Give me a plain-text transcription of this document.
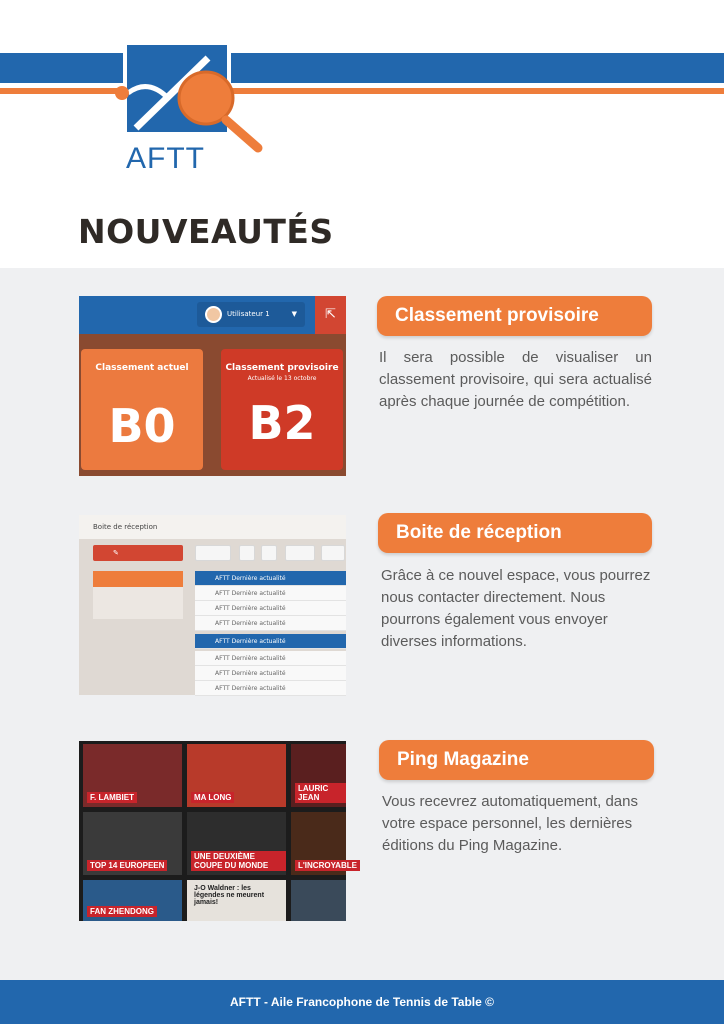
AFTT
NOUVEAUTÉS
Utilisateur 1	▼	⇱
Classement actuel
B0
Classement provisoire
Actualisé le 13 octobre
B2
Classement provisoire
Il sera possible de visualiser un classement provisoire, qui sera actualisé après chaque journée de compétition.
Boite de réception
✎
AFTT Dernière actualité
AFTT Dernière actualité
AFTT Dernière actualité
AFTT Dernière actualité
AFTT Dernière actualité
AFTT Dernière actualité
AFTT Dernière actualité
AFTT Dernière actualité
Boite de réception
Grâce à ce nouvel espace, vous pourrez nous contacter directement. Nous pourrons également vous envoyer diverses informations.
F. LAMBIET	MA LONG
LAURIC JEAN
TOP 14 EUROPEEN
UNE DEUXIÈME COUPE DU MONDE	L'INCROYABLE
FAN ZHENDONG
J-O Waldner : les légendes ne meurent jamais!
Ping Magazine
Vous recevrez automatiquement, dans votre espace personnel, les dernières éditions du Ping Magazine.
AFTT - Aile Francophone de Tennis de Table ©
